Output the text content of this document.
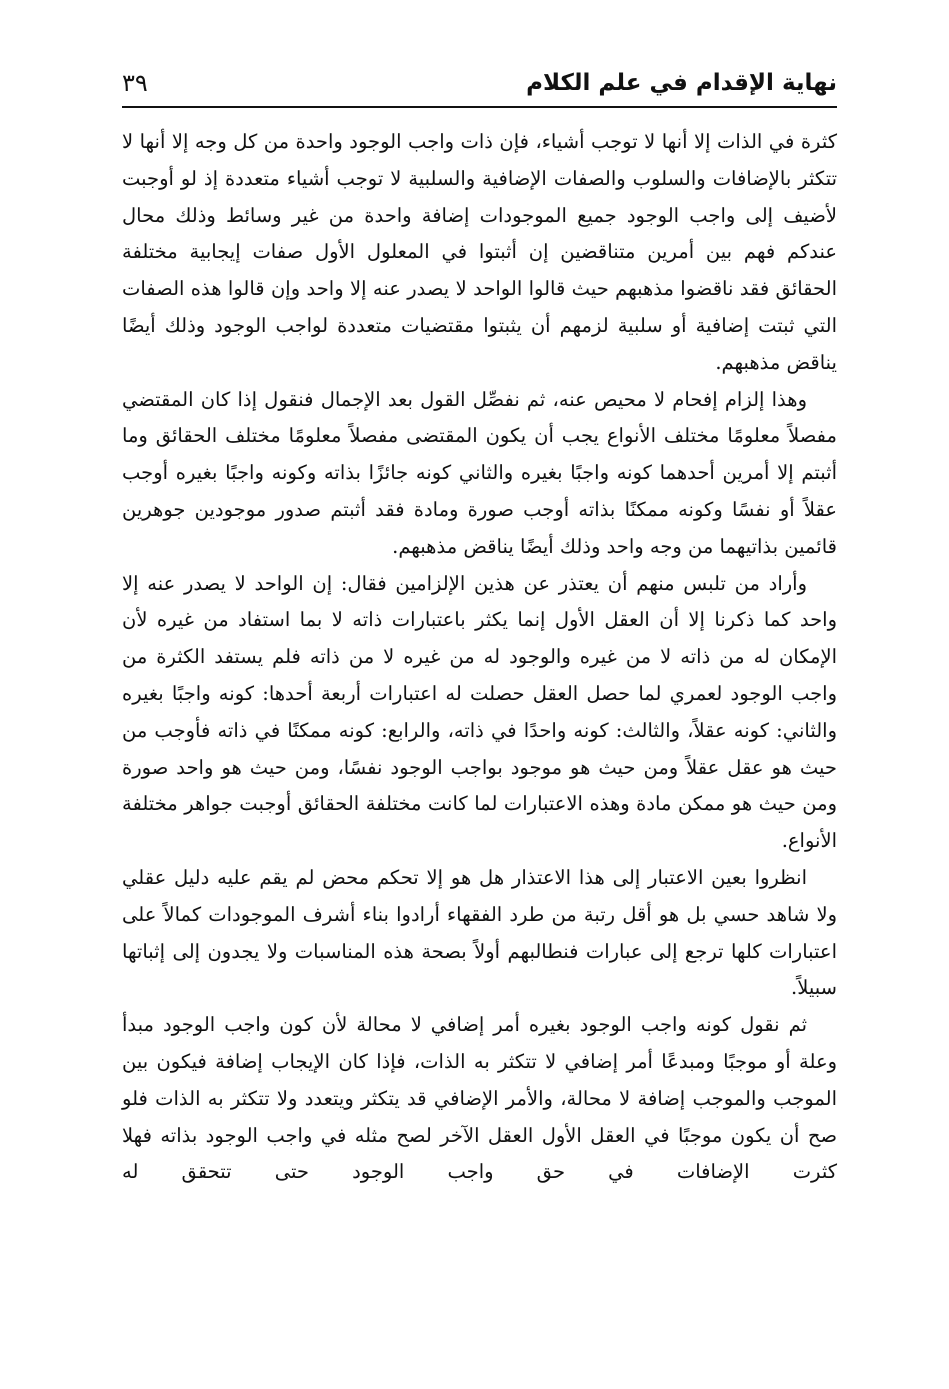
نهاية الإقدام في علم الكلام
٣٩

كثرة في الذات إلا أنها لا توجب أشياء، فإن ذات واجب الوجود واحدة من كل وجه إلا أنها لا تتكثر بالإضافات والسلوب والصفات الإضافية والسلبية لا توجب أشياء متعددة إذ لو أوجبت لأضيف إلى واجب الوجود جميع الموجودات إضافة واحدة من غير وسائط وذلك محال عندكم فهم بين أمرين متناقضين إن أثبتوا في المعلول الأول صفات إيجابية مختلفة الحقائق فقد ناقضوا مذهبهم حيث قالوا الواحد لا يصدر عنه إلا واحد وإن قالوا هذه الصفات التي ثبتت إضافية أو سلبية لزمهم أن يثبتوا مقتضيات متعددة لواجب الوجود وذلك أيضًا يناقض مذهبهم.

وهذا إلزام إفحام لا محيص عنه، ثم نفصِّل القول بعد الإجمال فنقول إذا كان المقتضي مفصلاً معلومًا مختلف الأنواع يجب أن يكون المقتضى مفصلاً معلومًا مختلف الحقائق وما أثبتم إلا أمرين أحدهما كونه واجبًا بغيره والثاني كونه جائزًا بذاته وكونه واجبًا بغيره أوجب عقلاً أو نفسًا وكونه ممكنًا بذاته أوجب صورة ومادة فقد أثبتم صدور موجودين جوهرين قائمين بذاتيهما من وجه واحد وذلك أيضًا يناقض مذهبهم.

وأراد من تلبس منهم أن يعتذر عن هذين الإلزامين فقال: إن الواحد لا يصدر عنه إلا واحد كما ذكرنا إلا أن العقل الأول إنما يكثر باعتبارات ذاته لا بما استفاد من غيره لأن الإمكان له من ذاته لا من غيره والوجود له من غيره لا من ذاته فلم يستفد الكثرة من واجب الوجود لعمري لما حصل العقل حصلت له اعتبارات أربعة أحدها: كونه واجبًا بغيره والثاني: كونه عقلاً، والثالث: كونه واحدًا في ذاته، والرابع: كونه ممكنًا في ذاته فأوجب من حيث هو عقل عقلاً ومن حيث هو موجود بواجب الوجود نفسًا، ومن حيث هو واحد صورة ومن حيث هو ممكن مادة وهذه الاعتبارات لما كانت مختلفة الحقائق أوجبت جواهر مختلفة الأنواع.

انظروا بعين الاعتبار إلى هذا الاعتذار هل هو إلا تحكم محض لم يقم عليه دليل عقلي ولا شاهد حسي بل هو أقل رتبة من طرد الفقهاء أرادوا بناء أشرف الموجودات كمالاً على اعتبارات كلها ترجع إلى عبارات فنطالبهم أولاً بصحة هذه المناسبات ولا يجدون إلى إثباتها سبيلاً.

ثم نقول كونه واجب الوجود بغيره أمر إضافي لا محالة لأن كون واجب الوجود مبدأ وعلة أو موجبًا ومبدعًا أمر إضافي لا تتكثر به الذات، فإذا كان الإيجاب إضافة فيكون بين الموجب والموجب إضافة لا محالة، والأمر الإضافي قد يتكثر ويتعدد ولا تتكثر به الذات فلو صح أن يكون موجبًا في العقل الأول العقل الآخر لصح مثله في واجب الوجود بذاته فهلا كثرت الإضافات في حق واجب الوجود حتى تتحقق له
